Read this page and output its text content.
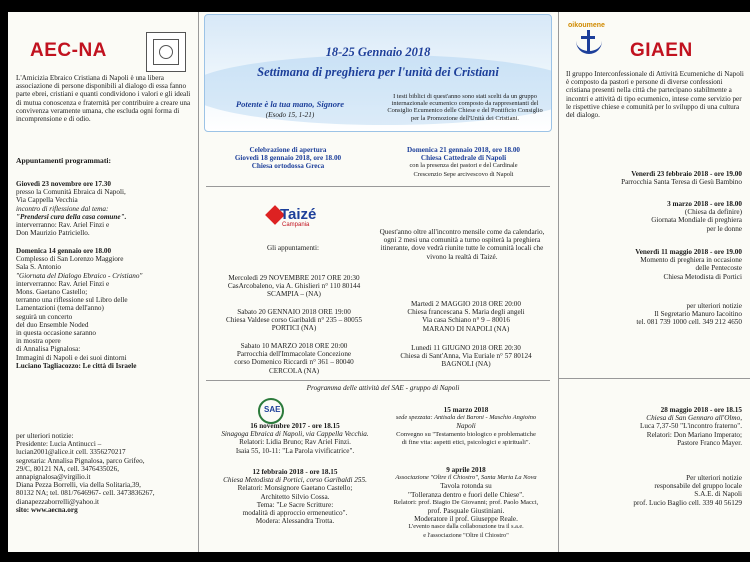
AEC-NA
L'Amicizia Ebraico Cristiana di Napoli è una libera associazione di persone disponibili al dialogo di essa fanno parte ebrei, cristiani e quanti condividono i valori e gli ideali di mutua conoscenza e fraternità per contribuire a creare una convivenza veramente umana, che escluda ogni forma di incomprensione e di odio.
Appuntamenti programmati:
Giovedì 23 novembre ore 17.30
presso la Comunità Ebraica di Napoli,
Via Cappella Vecchia
incontro di riflessione dal tema:
"Prendersi cura della casa comune".
interverranno: Rav. Ariel Finzi e
Don Maurizio Patriciello.
Domenica 14 gennaio ore 18.00
Complesso di San Lorenzo Maggiore
Sala S. Antonio
"Giornata del Dialogo Ebraico - Cristiano"
interverranno: Rav. Ariel Finzi e
Mons. Gaetano Castello;
terranno una riflessione sul Libro delle
Lamentazioni (tema dell'anno)
seguirà un concerto
del duo Ensemble Noded
in questa occasione saranno
in mostra opere
di Annalisa Pignalosa:
Immagini di Napoli e dei suoi dintorni
Luciano Tagliacozzo: Le città di Israele
per ulteriori notizie:
Presidente: Lucia Antinucci –
lucian2001@alice.it cell. 3356270217
segretaria: Annalisa Pignalosa, parco Grifeo,
29/C, 80121 NA, cell. 3476435026,
annapignalosa@virgilio.it
Diana Pezza Borrelli, via della Solitaria,39,
80132 NA; tel. 081/7646967- cell. 3473836267,
dianapezzaborrelli@yahoo.it
sito: www.aecna.org
18-25 Gennaio 2018
Settimana di preghiera per l'unità dei Cristiani
Potente è la tua mano, Signore
(Esodo 15, 1-21)
I testi biblici di quest'anno sono stati scelti da un gruppo internazionale ecumenico composto da rappresentanti del Consiglio Ecumenico delle Chiese e del Pontificio Consiglio per la Promozione dell'Unità dei Cristiani.
Celebrazione di apertura
Giovedì 18 gennaio 2018, ore 18.00
Chiesa ortodossa Greca
Domenica 21 gennaio 2018, ore 18.00
Chiesa Cattedrale di Napoli
con la presenza dei pastori e del Cardinale
Crescenzio Sepe arcivescovo di Napoli
Taizé
Campania
Gli appuntamenti:
Quest'anno oltre all'incontro mensile come da calendario, ogni 2 mesi una comunità a turno ospiterà la preghiera itinerante, dove vedrà riunite tutte le comunità locali che vivono la realtà di Taizé.
Mercoledì 29 NOVEMBRE 2017 ORE 20:30
CasArcobaleno, via A. Ghislieri n° 110 80144
SCAMPIA – (NA)
Sabato 20 GENNAIO 2018 ORE 19:00
Chiesa Valdese corso Garibaldi n° 235 – 80055
PORTICI (NA)
Sabato 10 MARZO 2018 ORE 20:00
Parrocchia dell'Immacolate Concezione
corso Domenico Riccardi n° 361 – 80040
CERCOLA (NA)
Martedì 2 MAGGIO 2018 ORE 20:00
Chiesa francescana S. Maria degli angeli
Via casa Schiano n° 9 – 80016
MARANO DI NAPOLI (NA)
Lunedì 11 GIUGNO 2018 ORE 20:30
Chiesa di Sant'Anna, Via Euriale n° 57 80124
BAGNOLI (NA)
Programma delle attività del SAE - gruppo di Napoli
SAE
16 novembre 2017 - ore 18.15
Sinagoga Ebraica di Napoli, via Cappella Vecchia.
Relatori: Lidia Bruno; Rav Ariel Finzi.
Isaia 55, 10-11: "La Parola vivificatrice".
12 febbraio 2018 - ore 18.15
Chiesa Metodista di Portici, corso Garibaldi 255.
Relatori: Monsignore Gaetano Castello;
Architetto Silvio Cossa.
Tema: "Le Sacre Scritture:
modalità di approccio ermeneutico".
Modera: Alessandra Trotta.
15 marzo 2018
sede spezzata: Antisala dei Baroni - Maschio Angioino
Napoli
Convegno su "Testamento biologico e problematiche
di fine vita: aspetti etici, psicologici e spirituali".
9 aprile 2018
Associazione "Oltre il Chiostro", Santa Maria La Nova
Tavola rotonda su
"Tolleranza dentro e fuori delle Chiese".
Relatori: prof. Biagio De Giovanni; prof. Paolo Macci,
prof. Pasquale Giustiniani.
Moderatore il prof. Giuseppe Reale.
L'evento nasce dalla collaborazione tra il s.a.e.
e l'associazione "Oltre il Chiostro"
oikoumene
GIAEN
Il gruppo Interconfessionale di Attività Ecumeniche di Napoli è composto da pastori e persone di diverse confessioni cristiana presenti nella città che partecipano stabilmente a incontri e attività di tipo ecumenico, intese come servizio per le rispettive chiese e comunità per lo sviluppo di una cultura del dialogo.
Venerdì 23 febbraio 2018 - ore 19.00
Parrocchia Santa Teresa di Gesù Bambino
3 marzo 2018 - ore 18.00
(Chiesa da definire)
Giornata Mondiale di preghiera
per le donne
Venerdì 11 maggio 2018 - ore 19.00
Momento di preghiera in occasione
delle Pentecoste
Chiesa Metodista di Portici
per ulteriori notizie
Il Segretario Manuro Iacoitino
tel. 081 739 1000 cell. 349 212 4650
28 maggio 2018 - ore 18.15
Chiesa di San Gennaro all'Olmo,
Luca 7,37-50 "L'incontro fraterno".
Relatori: Don Mariano Imperato;
Pastore Franco Mayer.
Per ulteriori notizie
responsabile del gruppo locale
S.A.E. di Napoli
prof. Lucio Baglio cell. 339 40 56129
